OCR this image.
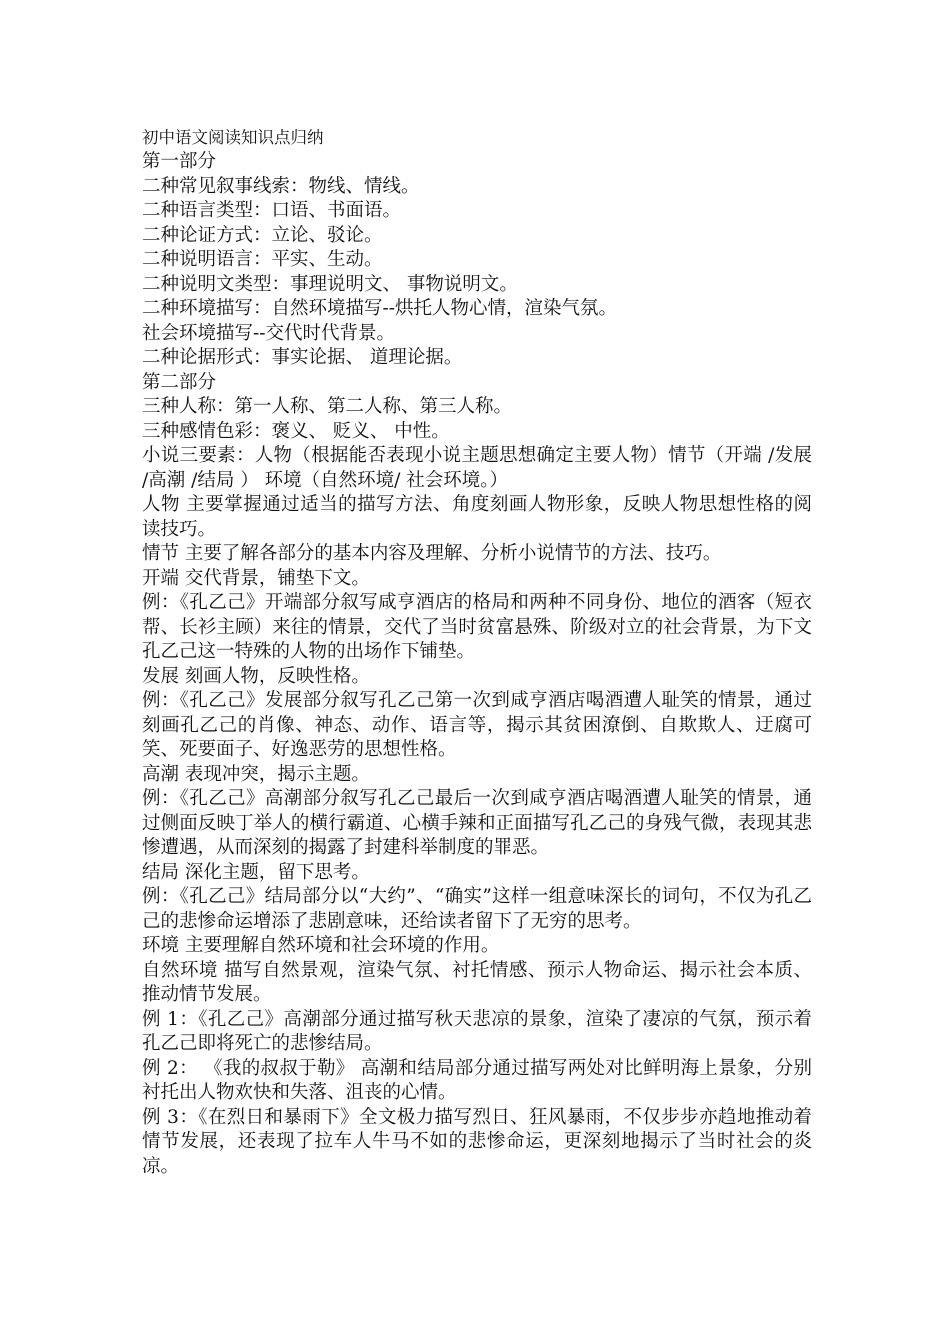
初中语文阅读知识点归纳

第一部分

二种常见叙事线索：物线、情线。

二种语言类型：口语、书面语。

二种论证方式：立论、驳论。

二种说明语言：平实、生动。

二种说明文类型：事理说明文、 事物说明文。

二种环境描写：自然环境描写--烘托人物心情，渲染气氛。

社会环境描写--交代时代背景。

二种论据形式：事实论据、 道理论据。

第二部分

三种人称：第一人称、第二人称、第三人称。

三种感情色彩：褒义、 贬义、 中性。

小说三要素：人物（根据能否表现小说主题思想确定主要人物）情节（开端 /发展 /高潮 /结局 ） 环境（自然环境/ 社会环境。）

人物 主要掌握通过适当的描写方法、角度刻画人物形象，反映人物思想性格的阅读技巧。

情节 主要了解各部分的基本内容及理解、分析小说情节的方法、技巧。

开端 交代背景，铺垫下文。

例：《孔乙己》开端部分叙写咸亨酒店的格局和两种不同身份、地位的酒客（短衣帮、长衫主顾）来往的情景，交代了当时贫富悬殊、阶级对立的社会背景，为下文孔乙己这一特殊的人物的出场作下铺垫。

发展 刻画人物，反映性格。

例：《孔乙己》发展部分叙写孔乙己第一次到咸亨酒店喝酒遭人耻笑的情景，通过刻画孔乙己的肖像、神态、动作、语言等，揭示其贫困潦倒、自欺欺人、迂腐可笑、死要面子、好逸恶劳的思想性格。

高潮 表现冲突，揭示主题。

例：《孔乙己》高潮部分叙写孔乙己最后一次到咸亨酒店喝酒遭人耻笑的情景，通过侧面反映丁举人的横行霸道、心横手辣和正面描写孔乙己的身残气微，表现其悲惨遭遇，从而深刻的揭露了封建科举制度的罪恶。

结局 深化主题，留下思考。

例：《孔乙己》结局部分以“大约”、“确实”这样一组意味深长的词句，不仅为孔乙己的悲惨命运增添了悲剧意味，还给读者留下了无穷的思考。

环境 主要理解自然环境和社会环境的作用。

自然环境 描写自然景观，渲染气氛、衬托情感、预示人物命运、揭示社会本质、推动情节发展。

例 1：《孔乙己》高潮部分通过描写秋天悲凉的景象，渲染了凄凉的气氛，预示着孔乙己即将死亡的悲惨结局。

例 2： 《我的叔叔于勒》 高潮和结局部分通过描写两处对比鲜明海上景象，分别衬托出人物欢快和失落、沮丧的心情。

例 3：《在烈日和暴雨下》全文极力描写烈日、狂风暴雨，不仅步步亦趋地推动着情节发展，还表现了拉车人牛马不如的悲惨命运，更深刻地揭示了当时社会的炎凉。
